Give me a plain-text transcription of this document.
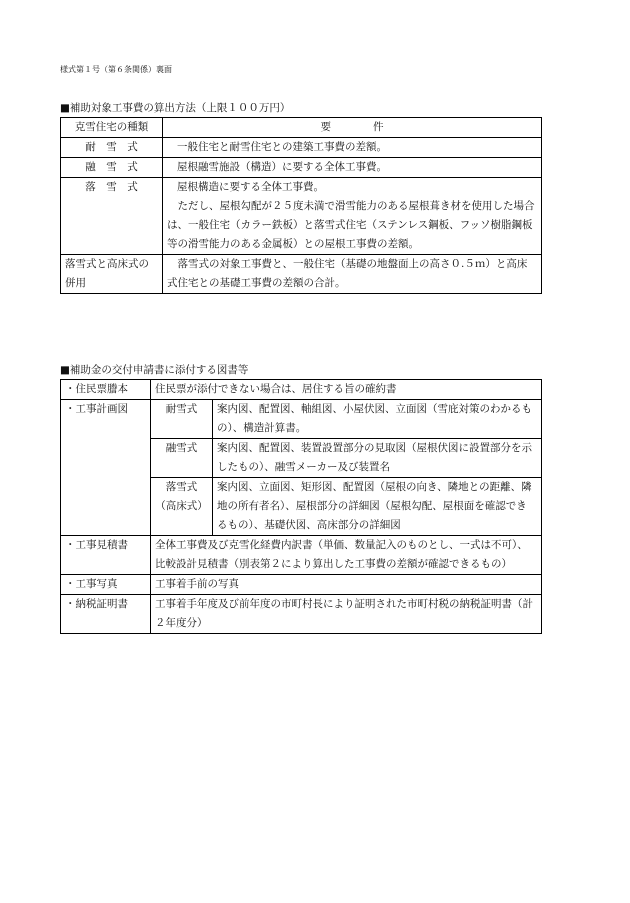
様式第１号（第６条関係）裏面
■補助対象工事費の算出方法（上限１００万円）
克雪住宅の種類	要　　　　件
耐　雪　式	一般住宅と耐雪住宅との建築工事費の差額。
融　雪　式	屋根融雪施設（構造）に要する全体工事費。
落　雪　式	屋根構造に要する全体工事費。
ただし、屋根勾配が２５度未満で滑雪能力のある屋根葺き材を使用した場合は、一般住宅（カラー鉄板）と落雪式住宅（ステンレス鋼板、フッソ樹脂鋼板等の滑雪能力のある金属板）との屋根工事費の差額。

落雪式と高床式の併用	落雪式の対象工事費と、一般住宅（基礎の地盤面上の高さ０.５ｍ）と高床式住宅との基礎工事費の差額の合計。
■補助金の交付申請書に添付する図書等
・住民票謄本	住民票が添付できない場合は、居住する旨の確約書	
・工事計画図	耐雪式	案内図、配置図、軸組図、小屋伏図、立面図（雪庇対策のわかるもの）、構造計算書。
	融雪式	案内図、配置図、装置設置部分の見取図（屋根伏図に設置部分を示したもの）、融雪メーカー及び装置名

	落雪式
（高床式）	案内図、立面図、矩形図、配置図（屋根の向き、隣地との距離、隣地の所有者名）、屋根部分の詳細図（屋根勾配、屋根面を確認できるもの）、基礎伏図、高床部分の詳細図
・工事見積書	全体工事費及び克雪化経費内訳書（単価、数量記入のものとし、一式は不可）、比較設計見積書（別表第２により算出した工事費の差額が確認できるもの）	
・工事写真	工事着手前の写真	
・納税証明書	工事着手年度及び前年度の市町村長により証明された市町村税の納税証明書（計２年度分）	
